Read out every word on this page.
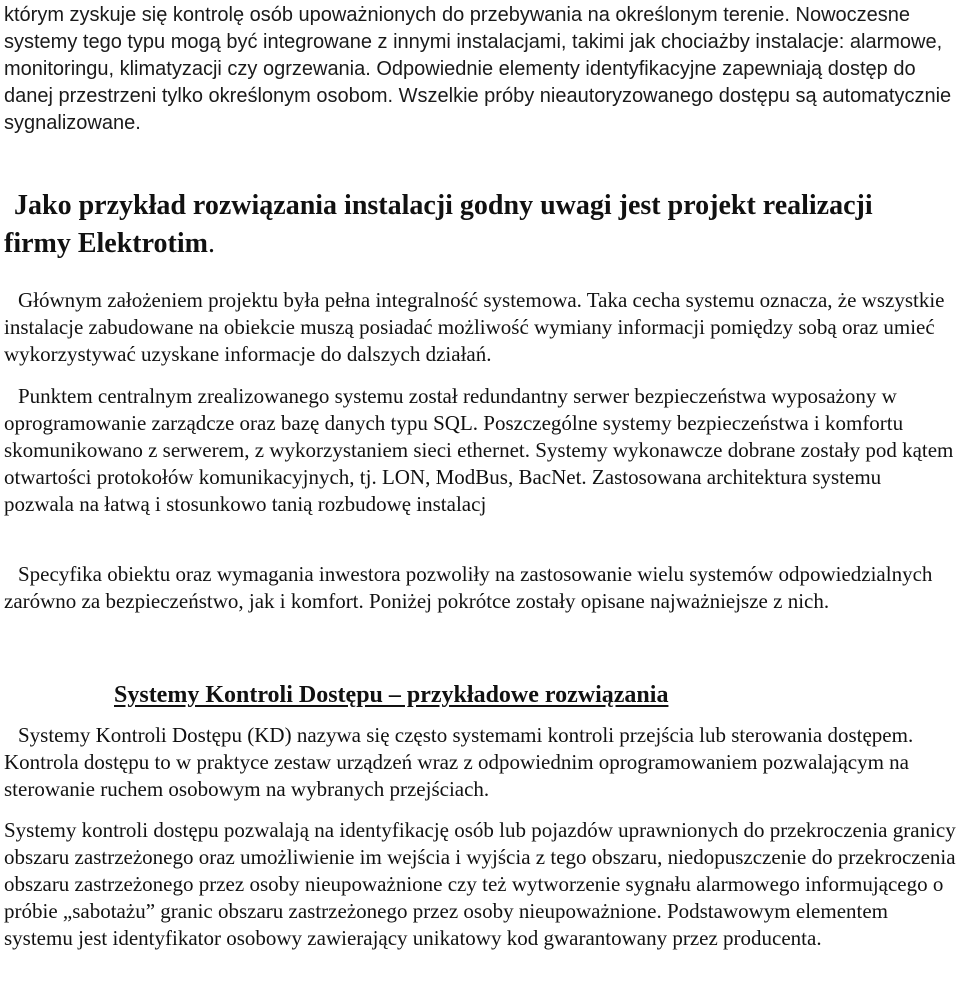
którym zyskuje się kontrolę osób upoważnionych do przebywania na określonym terenie. Nowoczesne systemy tego typu mogą być integrowane z innymi instalacjami, takimi jak chociażby instalacje: alarmowe, monitoringu, klimatyzacji czy ogrzewania. Odpowiednie elementy identyfikacyjne zapewniają dostęp do danej przestrzeni tylko określonym osobom. Wszelkie próby nieautoryzowanego dostępu są automatycznie sygnalizowane.

Jako przykład rozwiązania instalacji godny uwagi jest projekt realizacji firmy Elektrotim.

Głównym założeniem projektu była pełna integralność systemowa. Taka cecha systemu oznacza, że wszystkie instalacje zabudowane na obiekcie muszą posiadać możliwość wymiany informacji pomiędzy sobą oraz umieć wykorzystywać uzyskane informacje do dalszych działań.

Punktem centralnym zrealizowanego systemu został redundantny serwer bezpieczeństwa wyposażony w oprogramowanie zarządcze oraz bazę danych typu SQL. Poszczególne systemy bezpieczeństwa i komfortu skomunikowano z serwerem, z wykorzystaniem sieci ethernet. Systemy wykonawcze dobrane zostały pod kątem otwartości protokołów komunikacyjnych, tj. LON, ModBus, BacNet. Zastosowana architektura systemu pozwala na łatwą i stosunkowo tanią rozbudowę instalacj

Specyfika obiektu oraz wymagania inwestora pozwoliły na zastosowanie wielu systemów odpowiedzialnych zarówno za bezpieczeństwo, jak i komfort. Poniżej pokrótce zostały opisane najważniejsze z nich.

Systemy Kontroli Dostępu – przykładowe rozwiązania

Systemy Kontroli Dostępu (KD) nazywa się często systemami kontroli przejścia lub sterowania dostępem. Kontrola dostępu to w praktyce zestaw urządzeń wraz z odpowiednim oprogramowaniem pozwalającym na sterowanie ruchem osobowym na wybranych przejściach.

Systemy kontroli dostępu pozwalają na identyfikację osób lub pojazdów uprawnionych do przekroczenia granicy obszaru zastrzeżonego oraz umożliwienie im wejścia i wyjścia z tego obszaru, niedopuszczenie do przekroczenia obszaru zastrzeżonego przez osoby nieupoważnione czy też wytworzenie sygnału alarmowego informującego o próbie „sabotażu” granic obszaru zastrzeżonego przez osoby nieupoważnione. Podstawowym elementem systemu jest identyfikator osobowy zawierający unikatowy kod gwarantowany przez producenta.
